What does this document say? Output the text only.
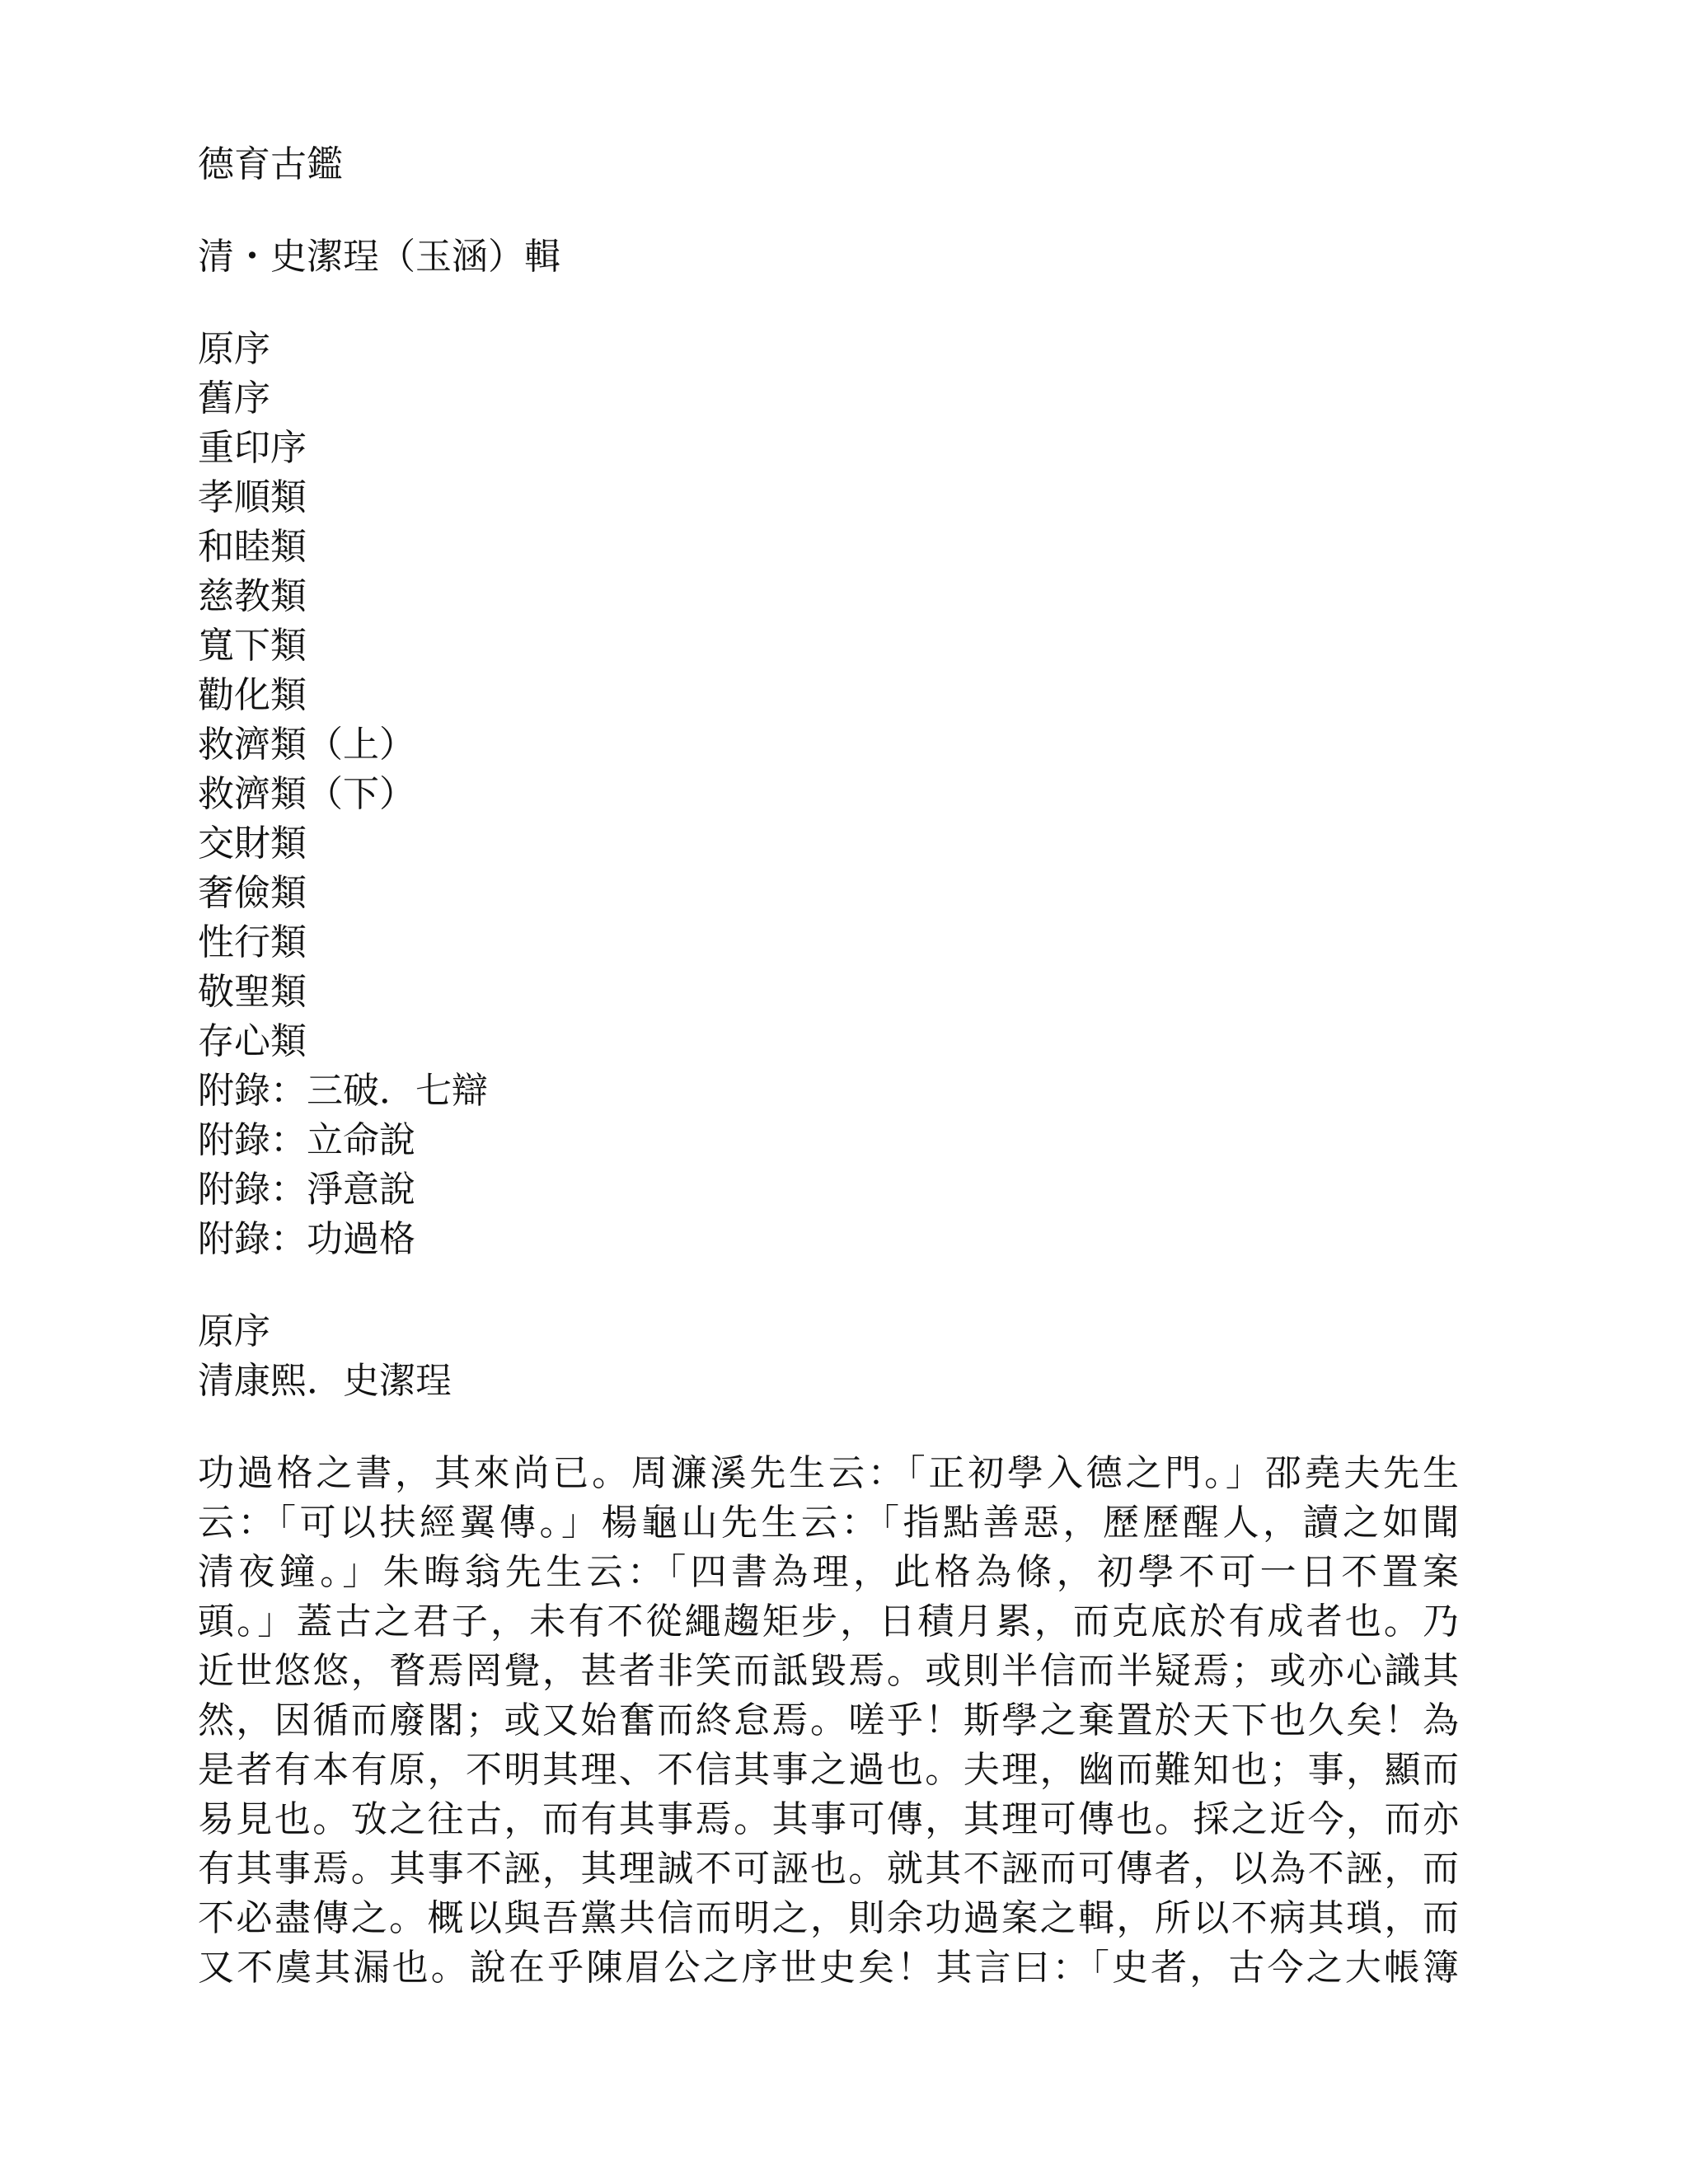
德育古鑑
清・史潔珵（玉涵）輯
原序
舊序
重印序
孝順類
和睦類
慈教類
寬下類
勸化類
救濟類（上）
救濟類（下）
交財類
奢儉類
性行類
敬聖類
存心類
附錄：三破．七辯
附錄：立命說
附錄：淨意說
附錄：功過格
原序
清康熙．史潔珵
功過格之書，其來尚已。周濂溪先生云：「正初學入德之門。」邵堯夫先生
云：「可以扶經翼傳。」楊龜山先生云：「指點善惡，歷歷醒人，讀之如聞
清夜鐘。」朱晦翁先生云：「四書為理，此格為條，初學不可一日不置案
頭。」蓋古之君子，未有不從繩趨矩步，日積月累，而克底於有成者也。乃
近世悠悠，瞀焉罔覺，甚者非笑而詆毀焉。或則半信而半疑焉；或亦心識其
然，因循而廢閣；或又始奮而終怠焉。嗟乎！斯學之棄置於天下也久矣！為
是者有本有原，不明其理、不信其事之過也。夫理，幽而難知也；事，顯而
易見也。攷之往古，而有其事焉。其事可傳，其理可傳也。採之近今，而亦
有其事焉。其事不誣，其理誠不可誣也。就其不誣而可傳者，以為不誣，而
不必盡傳之。概以與吾黨共信而明之，則余功過案之輯，所以不病其瑣，而
又不虞其漏也。說在乎陳眉公之序世史矣！其言曰：「史者，古今之大帳簿
